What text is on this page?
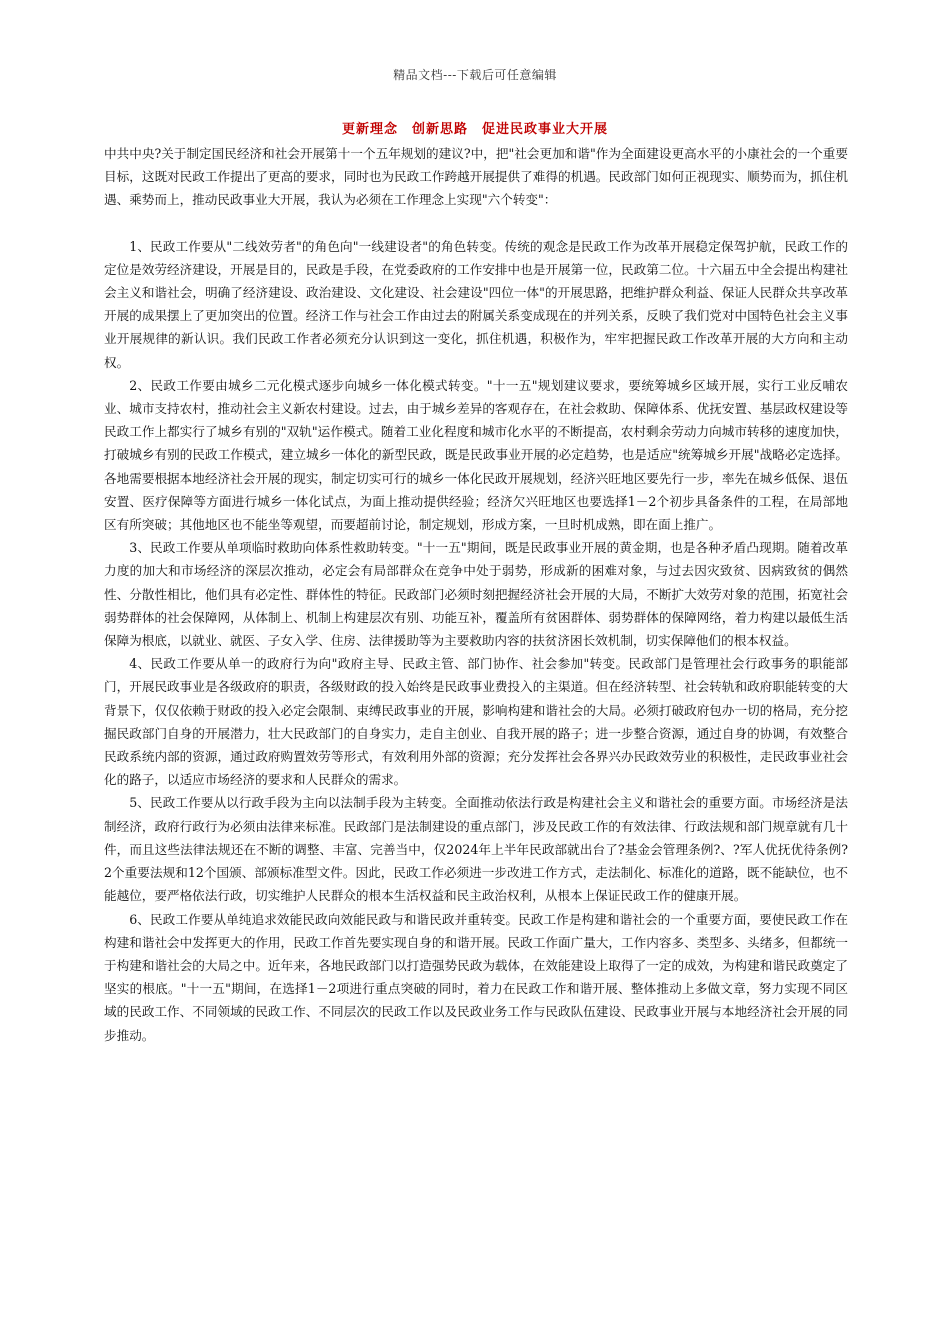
精品文档---下载后可任意编辑
更新理念　创新思路　促进民政事业大开展

中共中央?关于制定国民经济和社会开展第十一个五年规划的建议?中，把"社会更加和谐"作为全面建设更高水平的小康社会的一个重要目标，这既对民政工作提出了更高的要求，同时也为民政工作跨越开展提供了难得的机遇。民政部门如何正视现实、顺势而为，抓住机遇、乘势而上，推动民政事业大开展，我认为必须在工作理念上实现"六个转变"：

1、民政工作要从"二线效劳者"的角色向"一线建设者"的角色转变。传统的观念是民政工作为改革开展稳定保驾护航，民政工作的定位是效劳经济建设，开展是目的，民政是手段，在党委政府的工作安排中也是开展第一位，民政第二位。十六届五中全会提出构建社会主义和谐社会，明确了经济建设、政治建设、文化建设、社会建设"四位一体"的开展思路，把维护群众利益、保证人民群众共享改革开展的成果摆上了更加突出的位置。经济工作与社会工作由过去的附属关系变成现在的并列关系，反映了我们党对中国特色社会主义事业开展规律的新认识。我们民政工作者必须充分认识到这一变化，抓住机遇，积极作为，牢牢把握民政工作改革开展的大方向和主动权。

2、民政工作要由城乡二元化模式逐步向城乡一体化模式转变。"十一五"规划建议要求，要统筹城乡区域开展，实行工业反哺农业、城市支持农村，推动社会主义新农村建设。过去，由于城乡差异的客观存在，在社会救助、保障体系、优抚安置、基层政权建设等民政工作上都实行了城乡有别的"双轨"运作模式。随着工业化程度和城市化水平的不断提高，农村剩余劳动力向城市转移的速度加快，打破城乡有别的民政工作模式，建立城乡一体化的新型民政，既是民政事业开展的必定趋势，也是适应"统筹城乡开展"战略必定选择。各地需要根据本地经济社会开展的现实，制定切实可行的城乡一体化民政开展规划，经济兴旺地区要先行一步，率先在城乡低保、退伍安置、医疗保障等方面进行城乡一体化试点，为面上推动提供经验；经济欠兴旺地区也要选择1－2个初步具备条件的工程，在局部地区有所突破；其他地区也不能坐等观望，而要超前讨论，制定规划，形成方案，一旦时机成熟，即在面上推广。

3、民政工作要从单项临时救助向体系性救助转变。"十一五"期间，既是民政事业开展的黄金期，也是各种矛盾凸现期。随着改革力度的加大和市场经济的深层次推动，必定会有局部群众在竞争中处于弱势，形成新的困难对象，与过去因灾致贫、因病致贫的偶然性、分散性相比，他们具有必定性、群体性的特征。民政部门必须时刻把握经济社会开展的大局，不断扩大效劳对象的范围，拓宽社会弱势群体的社会保障网，从体制上、机制上构建层次有别、功能互补，覆盖所有贫困群体、弱势群体的保障网络，着力构建以最低生活保障为根底，以就业、就医、子女入学、住房、法律援助等为主要救助内容的扶贫济困长效机制，切实保障他们的根本权益。

4、民政工作要从单一的政府行为向"政府主导、民政主管、部门协作、社会参加"转变。民政部门是管理社会行政事务的职能部门，开展民政事业是各级政府的职责，各级财政的投入始终是民政事业费投入的主渠道。但在经济转型、社会转轨和政府职能转变的大背景下，仅仅依赖于财政的投入必定会限制、束缚民政事业的开展，影响构建和谐社会的大局。必须打破政府包办一切的格局，充分挖掘民政部门自身的开展潜力，壮大民政部门的自身实力，走自主创业、自我开展的路子；进一步整合资源，通过自身的协调，有效整合民政系统内部的资源，通过政府购置效劳等形式，有效利用外部的资源；充分发挥社会各界兴办民政效劳业的积极性，走民政事业社会化的路子，以适应市场经济的要求和人民群众的需求。

5、民政工作要从以行政手段为主向以法制手段为主转变。全面推动依法行政是构建社会主义和谐社会的重要方面。市场经济是法制经济，政府行政行为必须由法律来标准。民政部门是法制建设的重点部门，涉及民政工作的有效法律、行政法规和部门规章就有几十件，而且这些法律法规还在不断的调整、丰富、完善当中，仅2024年上半年民政部就出台了?基金会管理条例?、?军人优抚优待条例?2个重要法规和12个国颁、部颁标准型文件。因此，民政工作必须进一步改进工作方式，走法制化、标准化的道路，既不能缺位，也不能越位，要严格依法行政，切实维护人民群众的根本生活权益和民主政治权利，从根本上保证民政工作的健康开展。

6、民政工作要从单纯追求效能民政向效能民政与和谐民政并重转变。民政工作是构建和谐社会的一个重要方面，要使民政工作在构建和谐社会中发挥更大的作用，民政工作首先要实现自身的和谐开展。民政工作面广量大，工作内容多、类型多、头绪多，但都统一于构建和谐社会的大局之中。近年来，各地民政部门以打造强势民政为载体，在效能建设上取得了一定的成效，为构建和谐民政奠定了坚实的根底。"十一五"期间，在选择1－2项进行重点突破的同时，着力在民政工作和谐开展、整体推动上多做文章，努力实现不同区域的民政工作、不同领域的民政工作、不同层次的民政工作以及民政业务工作与民政队伍建设、民政事业开展与本地经济社会开展的同步推动。
